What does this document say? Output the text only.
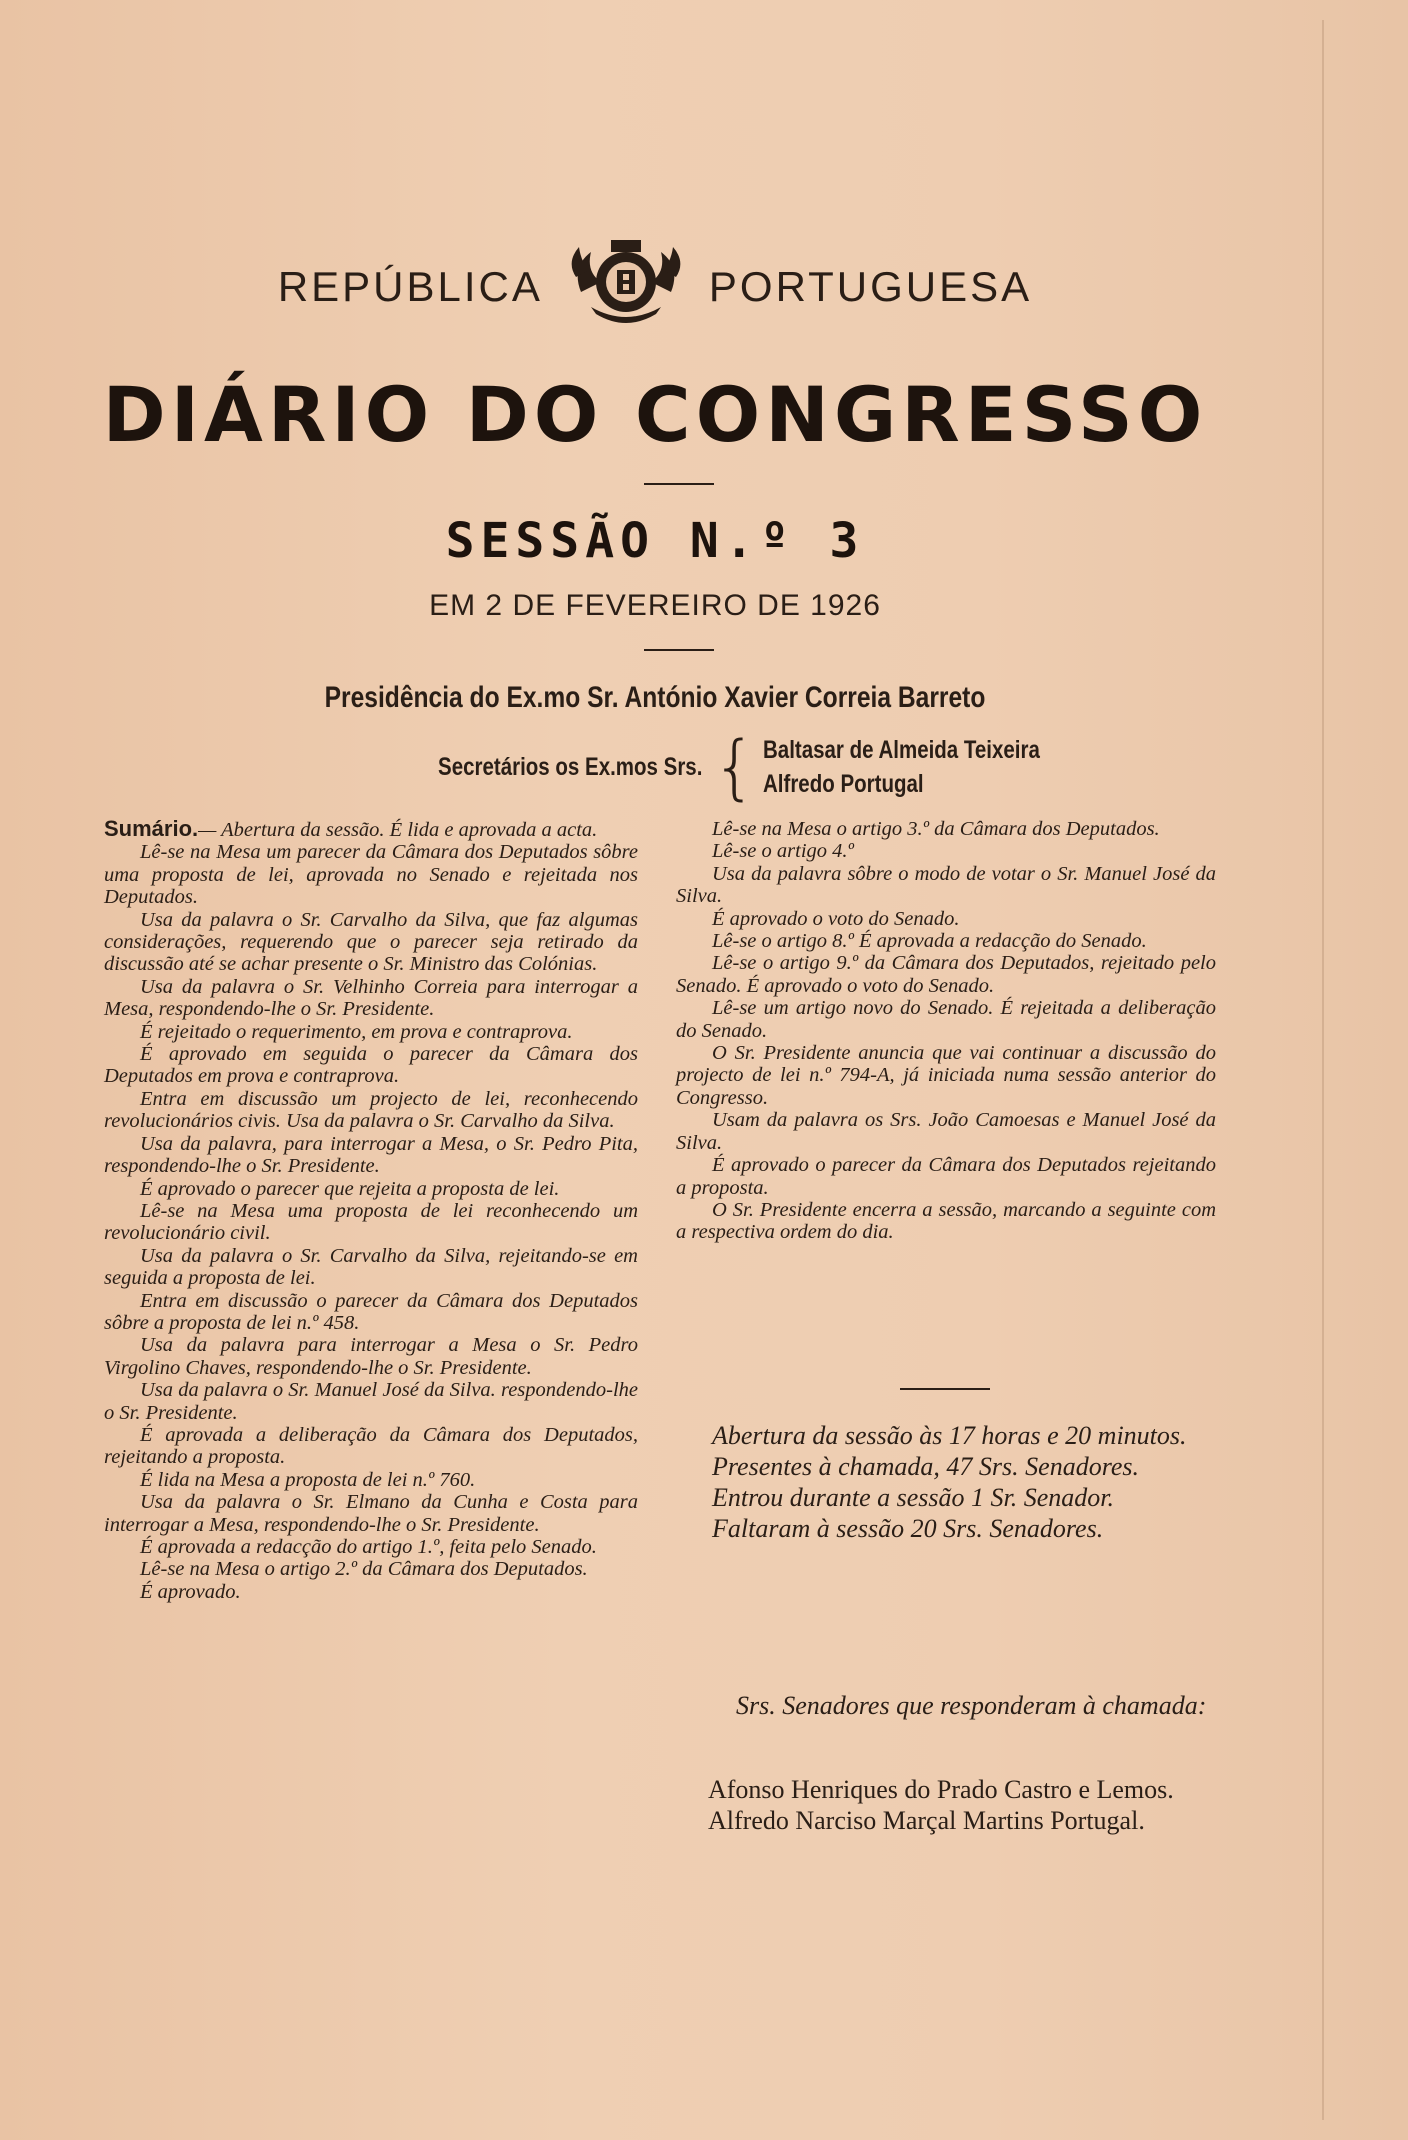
REPÚBLICA	PORTUGUESA
DIÁRIO DO CONGRESSO
SESSÃO N.º 3
EM 2 DE FEVEREIRO DE 1926
Presidência do Ex.mo Sr. António Xavier Correia Barreto
Secretários os Ex.mos Srs. { Baltasar de Almeida Teixeira
Alfredo Portugal

Sumário.— Abertura da sessão. É lida e aprovada a acta.

Lê-se na Mesa um parecer da Câmara dos Deputados sôbre uma proposta de lei, aprovada no Senado e rejeitada nos Deputados.

Usa da palavra o Sr. Carvalho da Silva, que faz algumas considerações, requerendo que o parecer seja retirado da discussão até se achar presente o Sr. Ministro das Colónias.

Usa da palavra o Sr. Velhinho Correia para interrogar a Mesa, respondendo-lhe o Sr. Presidente.

É rejeitado o requerimento, em prova e contraprova.

É aprovado em seguida o parecer da Câmara dos Deputados em prova e contraprova.

Entra em discussão um projecto de lei, reconhecendo revolucionários civis. Usa da palavra o Sr. Carvalho da Silva.

Usa da palavra, para interrogar a Mesa, o Sr. Pedro Pita, respondendo-lhe o Sr. Presidente.

É aprovado o parecer que rejeita a proposta de lei.

Lê-se na Mesa uma proposta de lei reconhecendo um revolucionário civil.

Usa da palavra o Sr. Carvalho da Silva, rejeitando-se em seguida a proposta de lei.

Entra em discussão o parecer da Câmara dos Deputados sôbre a proposta de lei n.º 458.

Usa da palavra para interrogar a Mesa o Sr. Pedro Virgolino Chaves, respondendo-lhe o Sr. Presidente.

Usa da palavra o Sr. Manuel José da Silva. respondendo-lhe o Sr. Presidente.

É aprovada a deliberação da Câmara dos Deputados, rejeitando a proposta.

É lida na Mesa a proposta de lei n.º 760.

Usa da palavra o Sr. Elmano da Cunha e Costa para interrogar a Mesa, respondendo-lhe o Sr. Presidente.

É aprovada a redacção do artigo 1.º, feita pelo Senado.

Lê-se na Mesa o artigo 2.º da Câmara dos Deputados.

É aprovado.

Lê-se na Mesa o artigo 3.º da Câmara dos Deputados.

Lê-se o artigo 4.º

Usa da palavra sôbre o modo de votar o Sr. Manuel José da Silva.

É aprovado o voto do Senado.

Lê-se o artigo 8.º É aprovada a redacção do Senado.

Lê-se o artigo 9.º da Câmara dos Deputados, rejeitado pelo Senado. É aprovado o voto do Senado.

Lê-se um artigo novo do Senado. É rejeitada a deliberação do Senado.

O Sr. Presidente anuncia que vai continuar a discussão do projecto de lei n.º 794-A, já iniciada numa sessão anterior do Congresso.

Usam da palavra os Srs. João Camoesas e Manuel José da Silva.

É aprovado o parecer da Câmara dos Deputados rejeitando a proposta.

O Sr. Presidente encerra a sessão, marcando a seguinte com a respectiva ordem do dia.

Abertura da sessão às 17 horas e 20 minutos.

Presentes à chamada, 47 Srs. Senadores.

Entrou durante a sessão 1 Sr. Senador.

Faltaram à sessão 20 Srs. Senadores.

Srs. Senadores que responderam à chamada:

Afonso Henriques do Prado Castro e Lemos.

Alfredo Narciso Marçal Martins Portugal.
